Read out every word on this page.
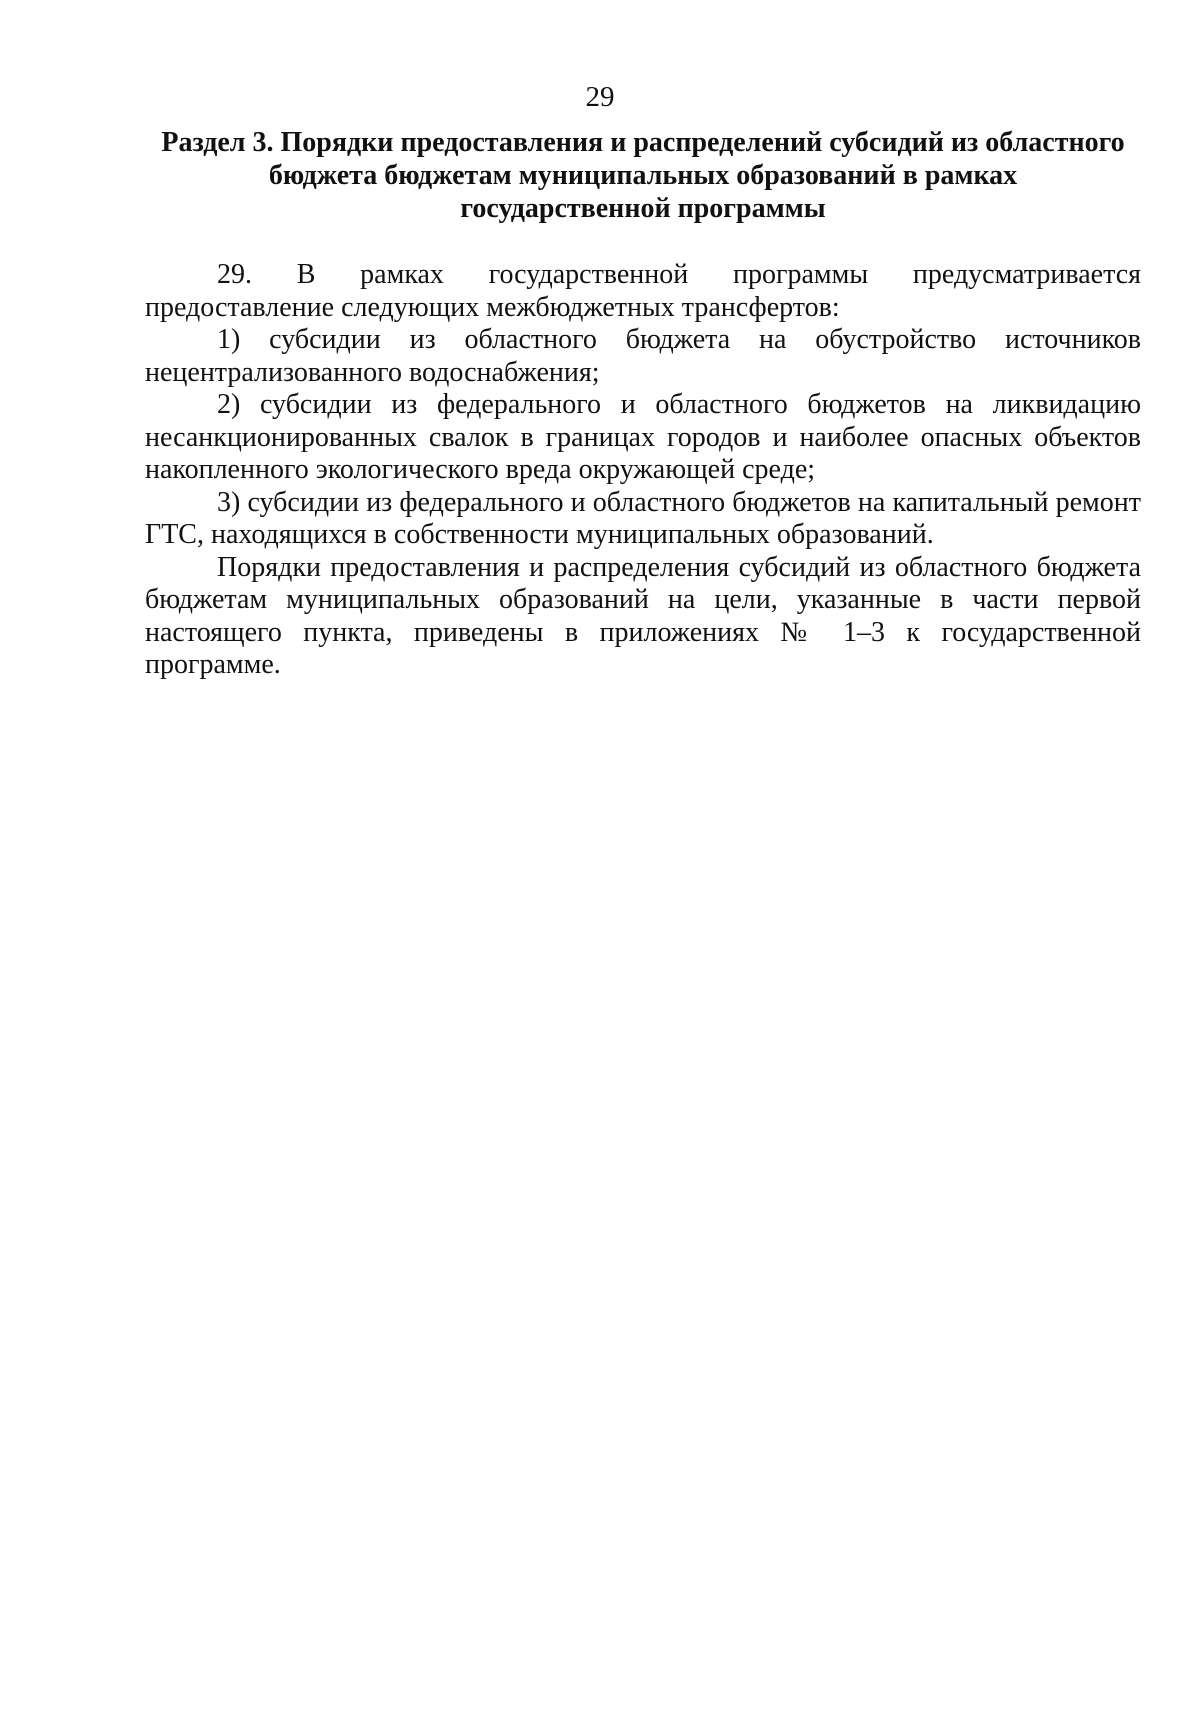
29
Раздел 3. Порядки предоставления и распределений субсидий из областного
бюджета бюджетам муниципальных образований в рамках
государственной программы

29. В рамках государственной программы предусматривается предоставление следующих межбюджетных трансфертов:

1) субсидии из областного бюджета на обустройство источников нецентрализованного водоснабжения;

2) субсидии из федерального и областного бюджетов на ликвидацию несанкционированных свалок в границах городов и наиболее опасных объектов накопленного экологического вреда окружающей среде;

3) субсидии из федерального и областного бюджетов на капитальный ремонт ГТС, находящихся в собственности муниципальных образований.

Порядки предоставления и распределения субсидий из областного бюджета бюджетам муниципальных образований на цели, указанные в части первой настоящего пункта, приведены в приложениях № 1–3 к государственной программе.
